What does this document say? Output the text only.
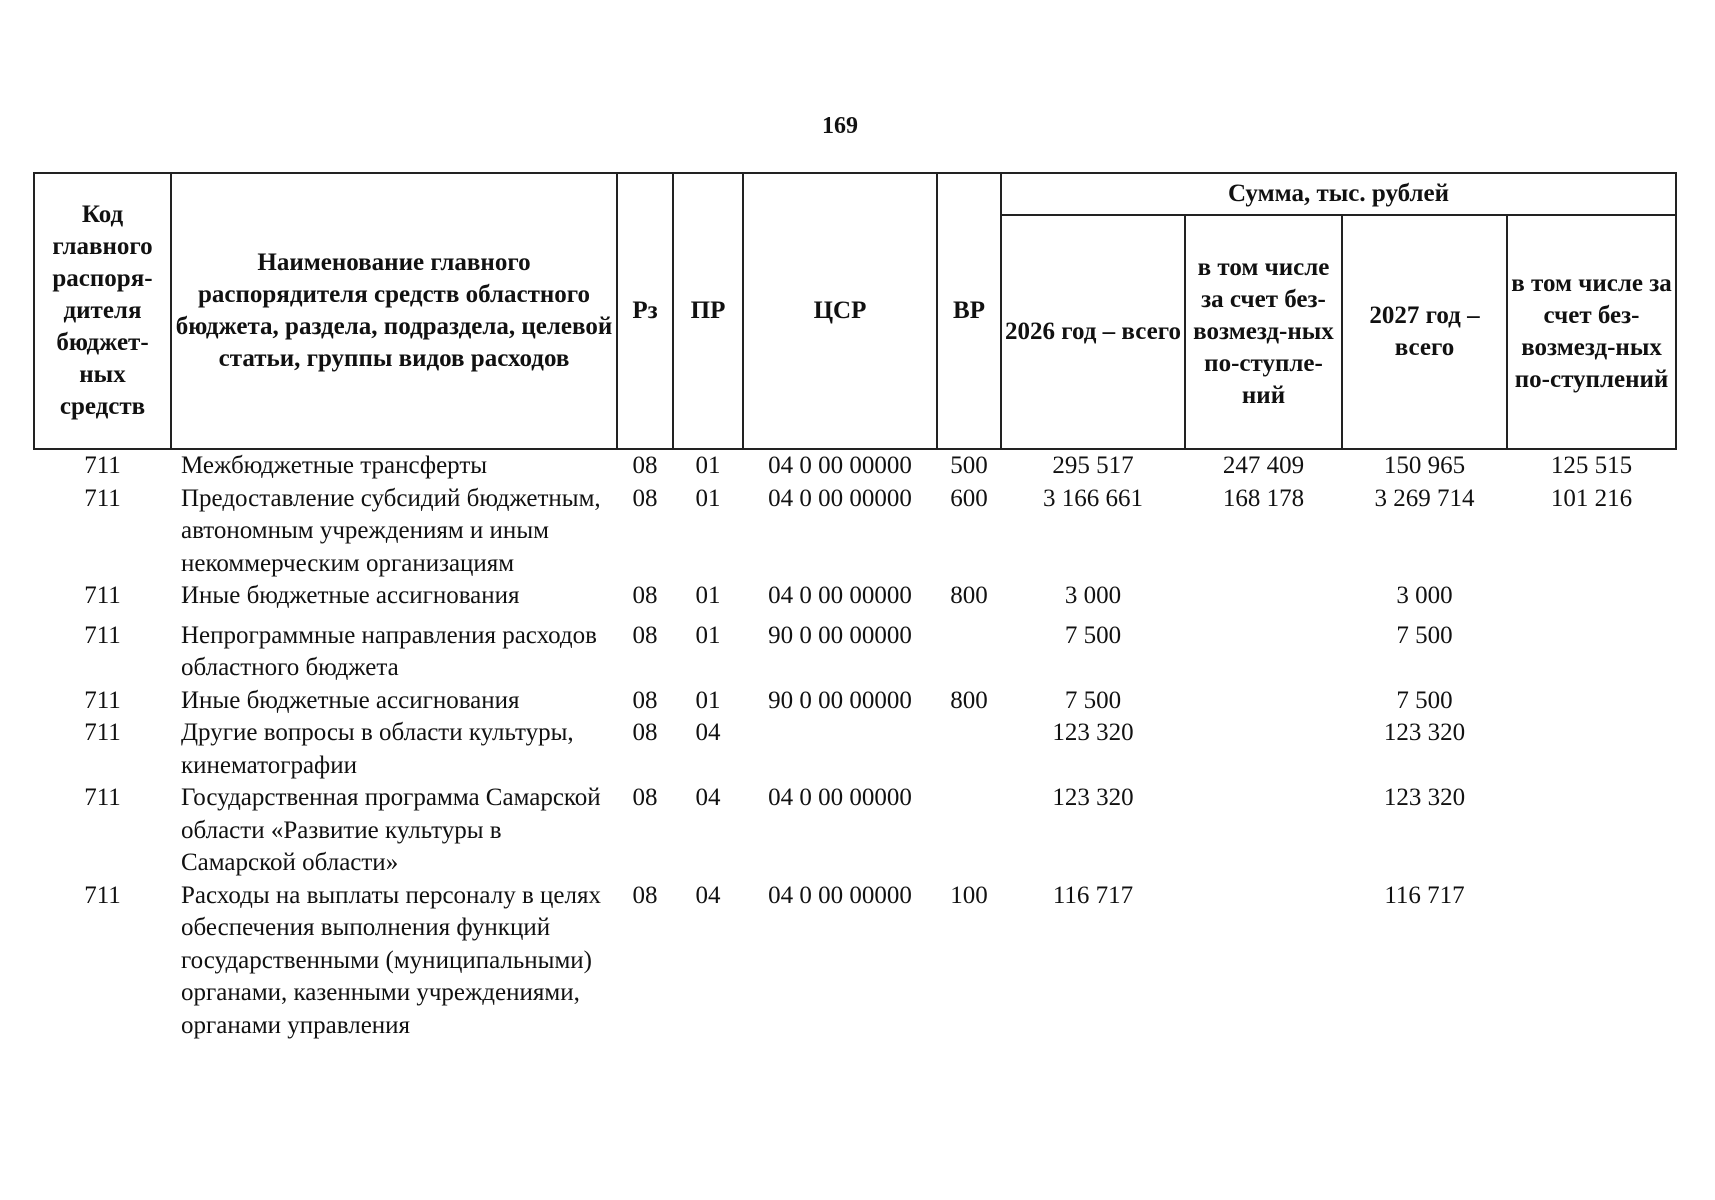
169
Код главного распоря-дителя бюджет-ных средств	Наименование главного распорядителя средств областного бюджета, раздела, подраздела, целевой статьи, группы видов расходов	Рз	ПР	ЦСР	ВР	Сумма, тыс. рублей			
						2026 год – всего	в том числе за счет без-возмезд-ных по-ступле-ний	2027 год – всего	в том числе за счет без-возмезд-ных по-ступлений
711	Межбюджетные трансферты	08	01	04 0 00 00000	500	295 517	247 409	150 965	125 515
711	Предоставление субсидий бюджетным, автономным учреждениям и иным некоммерческим организациям	08	01	04 0 00 00000	600	3 166 661	168 178	3 269 714	101 216
711	Иные бюджетные ассигнования	08	01	04 0 00 00000	800	3 000		3 000	
711	Непрограммные направления расходов областного бюджета	08	01	90 0 00 00000		7 500		7 500	
711	Иные бюджетные ассигнования	08	01	90 0 00 00000	800	7 500		7 500	
711	Другие вопросы в области культуры, кинематографии	08	04			123 320		123 320	
711	Государственная программа Самарской области «Развитие культуры в Самарской области»	08	04	04 0 00 00000		123 320		123 320	
711	Расходы на выплаты персоналу в целях обеспечения выполнения функций государственными (муниципальными) органами, казенными учреждениями, органами управления	08	04	04 0 00 00000	100	116 717		116 717	
